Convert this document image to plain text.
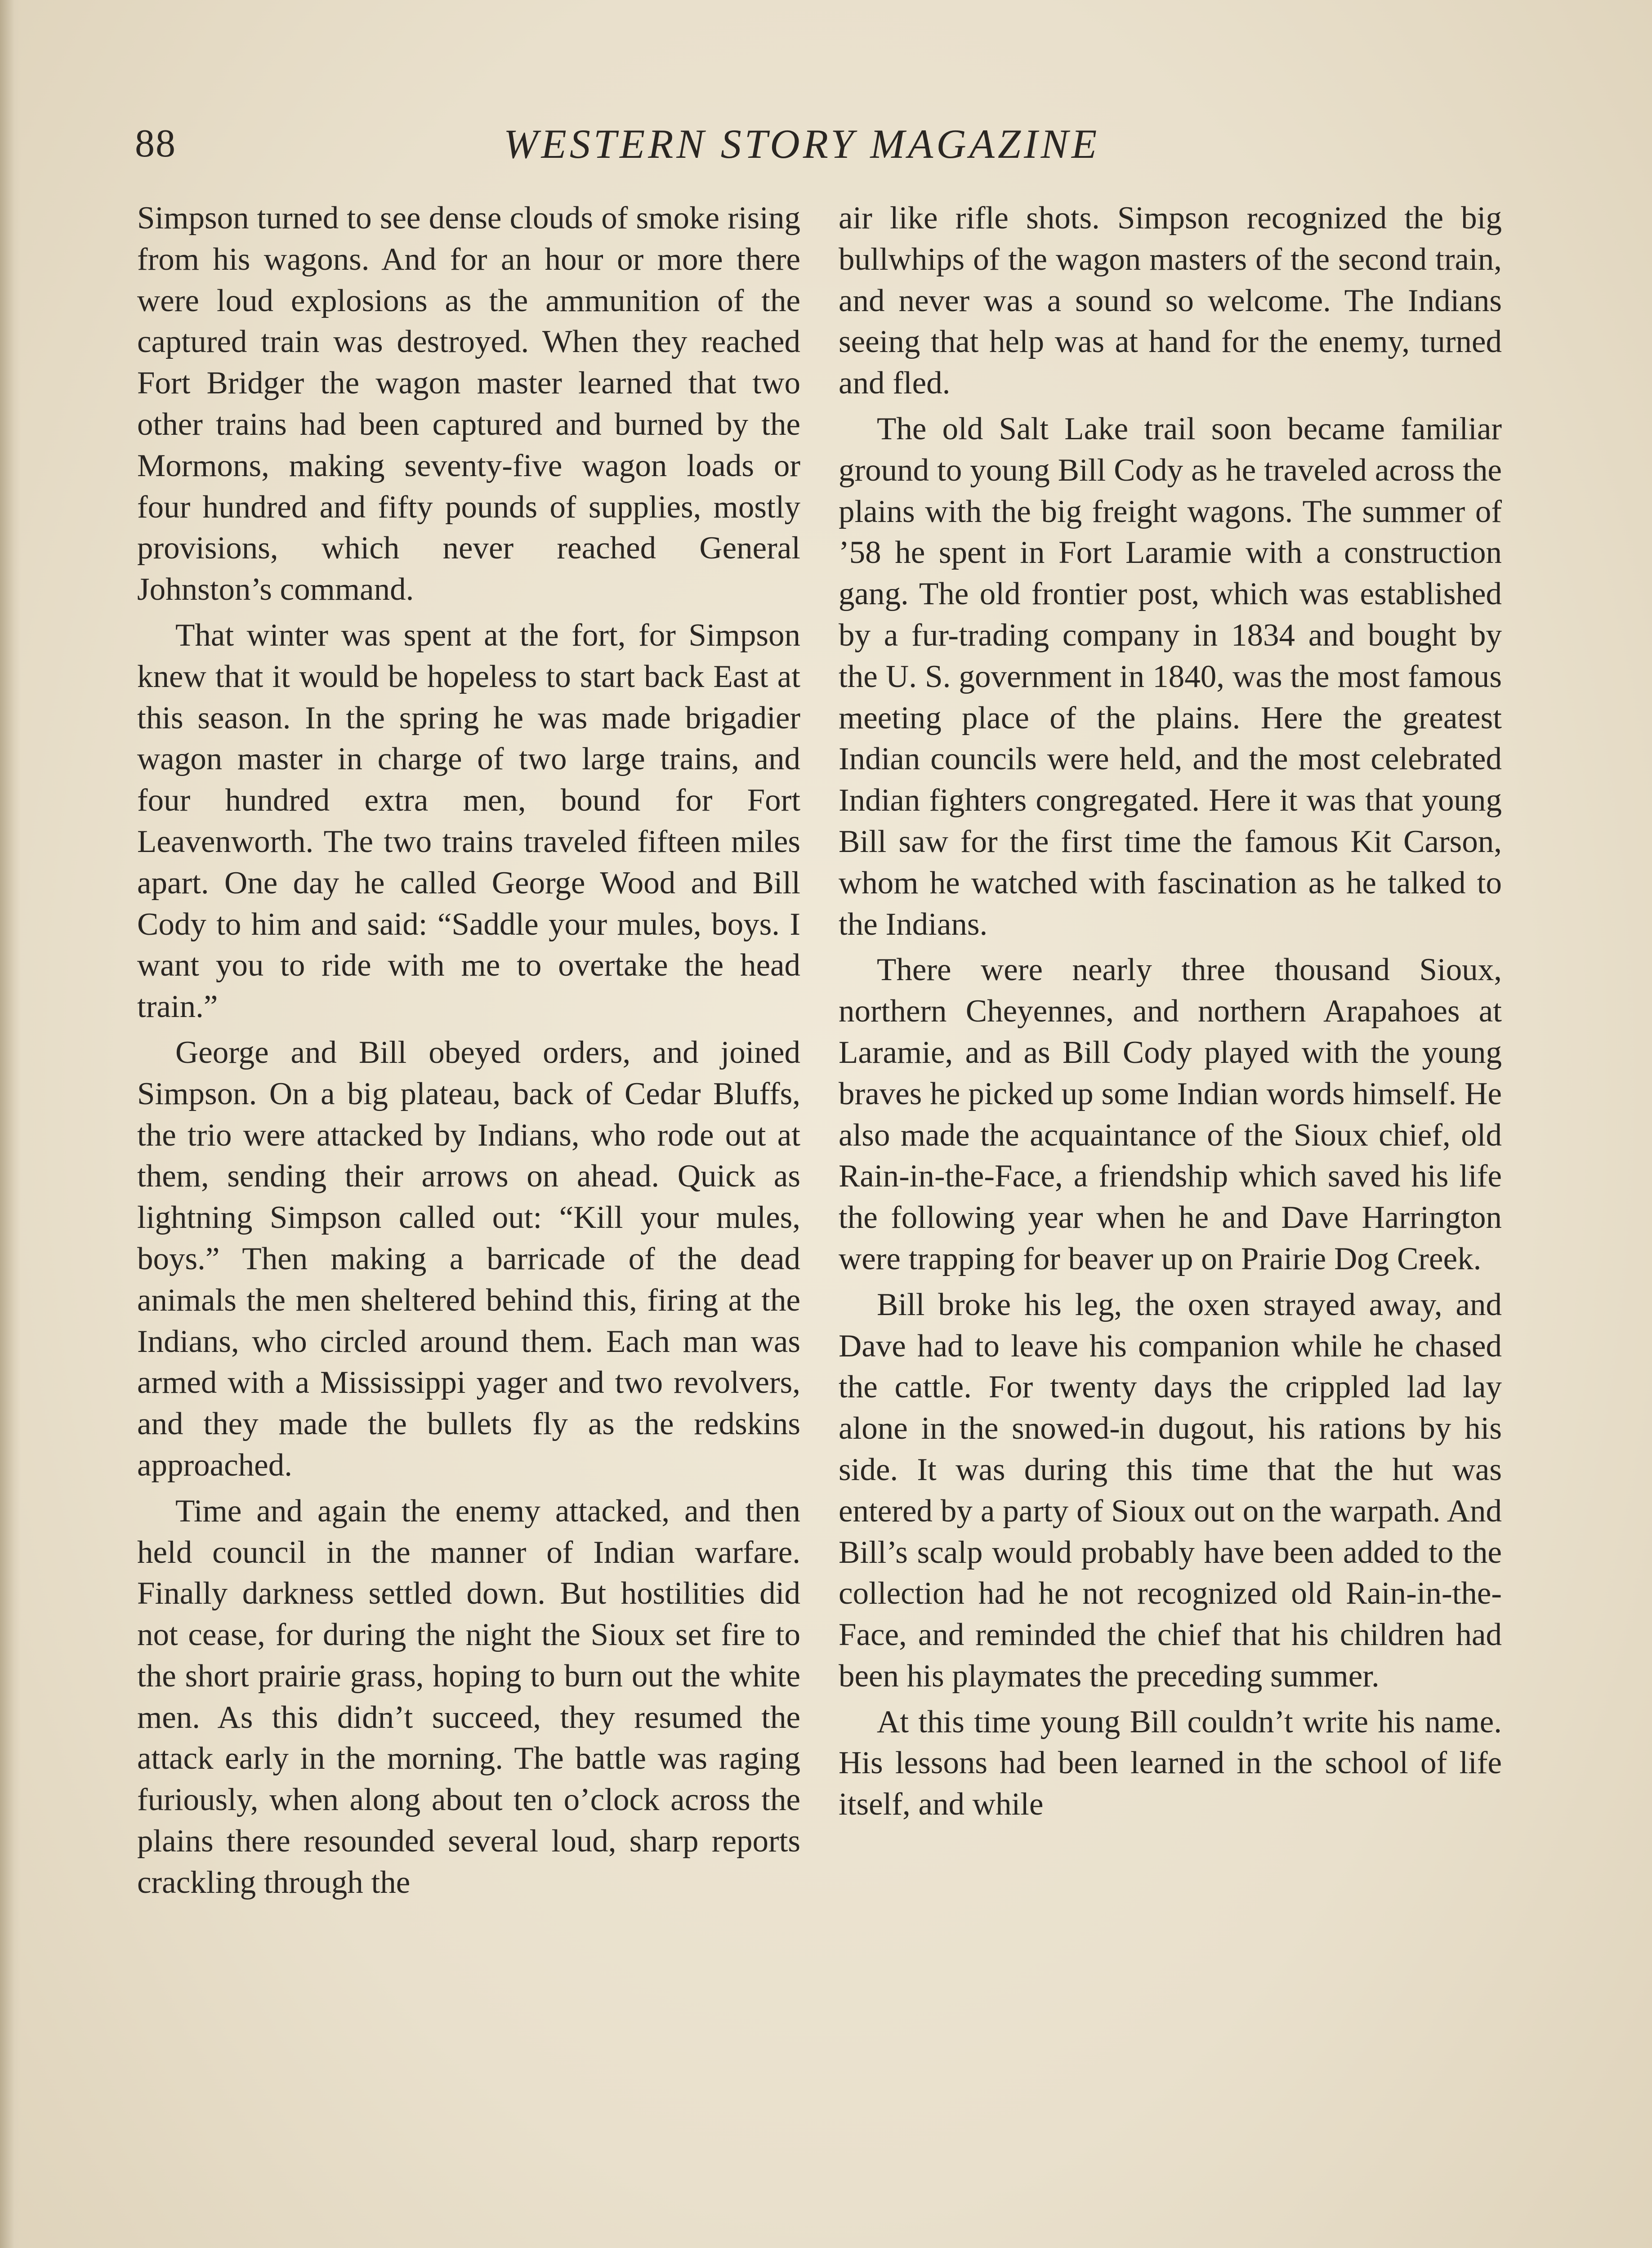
88	WESTERN STORY MAGAZINE

Simpson turned to see dense clouds of smoke rising from his wagons. And for an hour or more there were loud explosions as the ammunition of the captured train was destroyed. When they reached Fort Bridger the wagon master learned that two other trains had been captured and burned by the Mormons, making seventy-five wagon loads or four hundred and fifty pounds of supplies, mostly provisions, which never reached General Johnston’s command.

That winter was spent at the fort, for Simpson knew that it would be hopeless to start back East at this season. In the spring he was made brigadier wagon master in charge of two large trains, and four hundred extra men, bound for Fort Leavenworth. The two trains traveled fifteen miles apart. One day he called George Wood and Bill Cody to him and said: “Saddle your mules, boys. I want you to ride with me to overtake the head train.”

George and Bill obeyed orders, and joined Simpson. On a big plateau, back of Cedar Bluffs, the trio were attacked by Indians, who rode out at them, sending their arrows on ahead. Quick as lightning Simpson called out: “Kill your mules, boys.” Then making a barricade of the dead animals the men sheltered behind this, firing at the Indians, who circled around them. Each man was armed with a Mississippi yager and two revolvers, and they made the bullets fly as the redskins approached.

Time and again the enemy attacked, and then held council in the manner of Indian warfare. Finally darkness settled down. But hostilities did not cease, for during the night the Sioux set fire to the short prairie grass, hoping to burn out the white men. As this didn’t succeed, they resumed the attack early in the morning. The battle was raging furiously, when along about ten o’clock across the plains there resounded several loud, sharp reports crackling through the

air like rifle shots. Simpson recognized the big bullwhips of the wagon masters of the second train, and never was a sound so welcome. The Indians seeing that help was at hand for the enemy, turned and fled.

The old Salt Lake trail soon became familiar ground to young Bill Cody as he traveled across the plains with the big freight wagons. The summer of ’58 he spent in Fort Laramie with a construction gang. The old frontier post, which was established by a fur-trading company in 1834 and bought by the U. S. government in 1840, was the most famous meeting place of the plains. Here the greatest Indian councils were held, and the most celebrated Indian fighters congregated. Here it was that young Bill saw for the first time the famous Kit Carson, whom he watched with fascination as he talked to the Indians.

There were nearly three thousand Sioux, northern Cheyennes, and northern Arapahoes at Laramie, and as Bill Cody played with the young braves he picked up some Indian words himself. He also made the acquaintance of the Sioux chief, old Rain-in-the-Face, a friendship which saved his life the following year when he and Dave Harrington were trapping for beaver up on Prairie Dog Creek.

Bill broke his leg, the oxen strayed away, and Dave had to leave his companion while he chased the cattle. For twenty days the crippled lad lay alone in the snowed-in dugout, his rations by his side. It was during this time that the hut was entered by a party of Sioux out on the warpath. And Bill’s scalp would probably have been added to the collection had he not recognized old Rain-in-the-Face, and reminded the chief that his children had been his playmates the preceding summer.

At this time young Bill couldn’t write his name. His lessons had been learned in the school of life itself, and while
